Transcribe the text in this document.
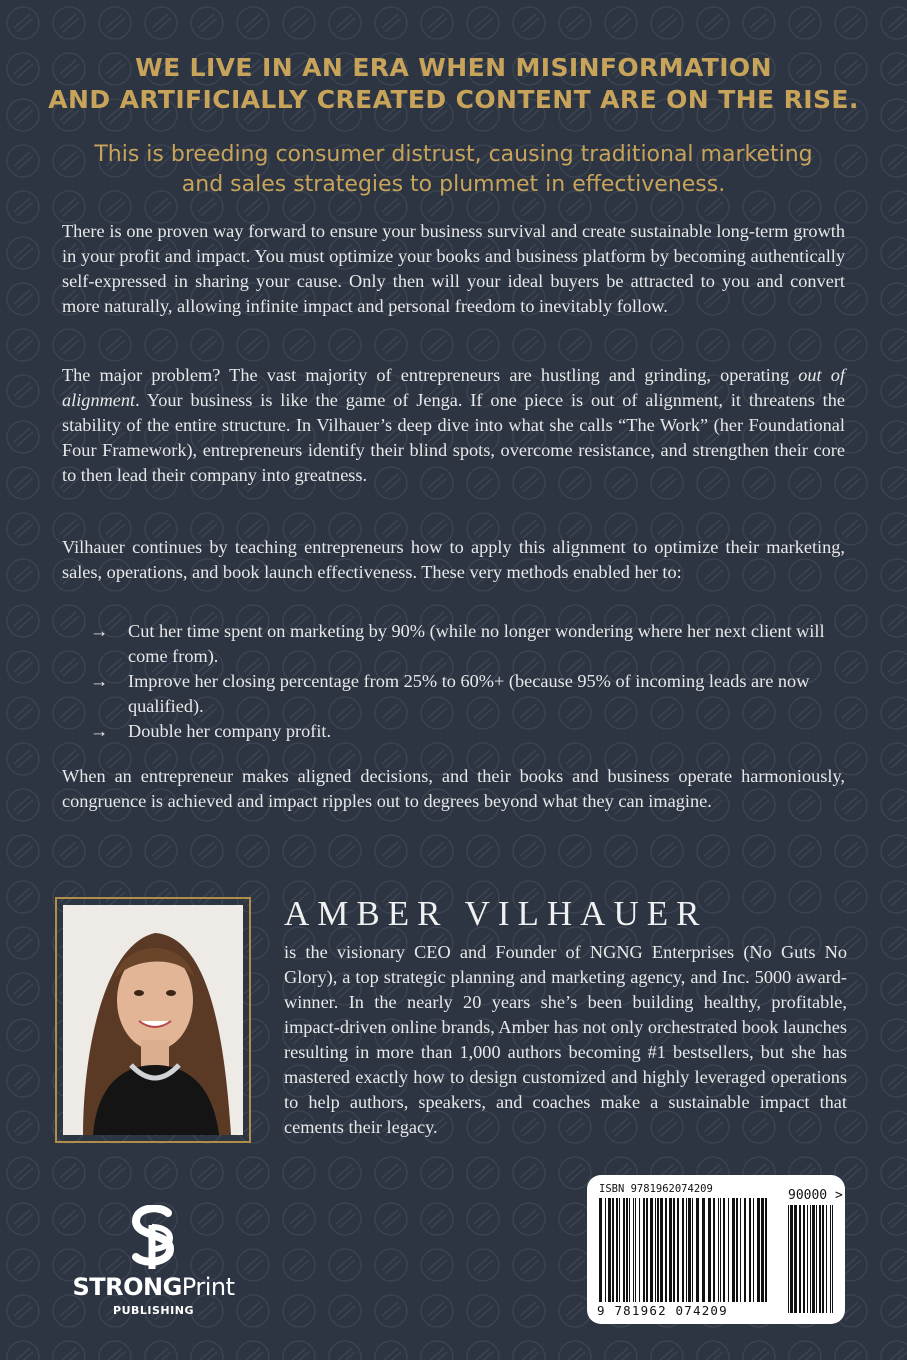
WE LIVE IN AN ERA WHEN MISINFORMATION
AND ARTIFICIALLY CREATED CONTENT ARE ON THE RISE.
This is breeding consumer distrust, causing traditional marketing
and sales strategies to plummet in effectiveness.

There is one proven way forward to ensure your business survival and create sustainable long-term growth in your profit and impact. You must optimize your books and business platform by becoming authentically self-expressed in sharing your cause. Only then will your ideal buyers be attracted to you and convert more naturally, allowing infinite impact and personal freedom to inevitably follow.

The major problem? The vast majority of entrepreneurs are hustling and grinding, operating out of alignment. Your business is like the game of Jenga. If one piece is out of alignment, it threatens the stability of the entire structure. In Vilhauer’s deep dive into what she calls “The Work” (her Foundational Four Framework), entrepreneurs identify their blind spots, overcome resistance, and strengthen their core to then lead their company into greatness.

Vilhauer continues by teaching entrepreneurs how to apply this alignment to optimize their marketing, sales, operations, and book launch effectiveness. These very methods enabled her to:

→	Cut her time spent on marketing by 90% (while no longer wondering where her next client will come from).
→	Improve her closing percentage from 25% to 60%+ (because 95% of incoming leads are now qualified).
→	Double her company profit.

When an entrepreneur makes aligned decisions, and their books and business operate harmoniously, congruence is achieved and impact ripples out to degrees beyond what they can imagine.

AMBER VILHAUER

is the visionary CEO and Founder of NGNG Enterprises (No Guts No Glory), a top strategic planning and marketing agency, and Inc. 5000 award-winner. In the nearly 20 years she’s been building healthy, profitable, impact-driven online brands, Amber has not only orchestrated book launches resulting in more than 1,000 authors becoming #1 bestsellers, but she has mastered exactly how to design customized and highly leveraged operations to help authors, speakers, and coaches make a sustainable impact that cements their legacy.

STRONGPrint
PUBLISHING
ISBN 9781962074209	90000 >
9 781962 074209
